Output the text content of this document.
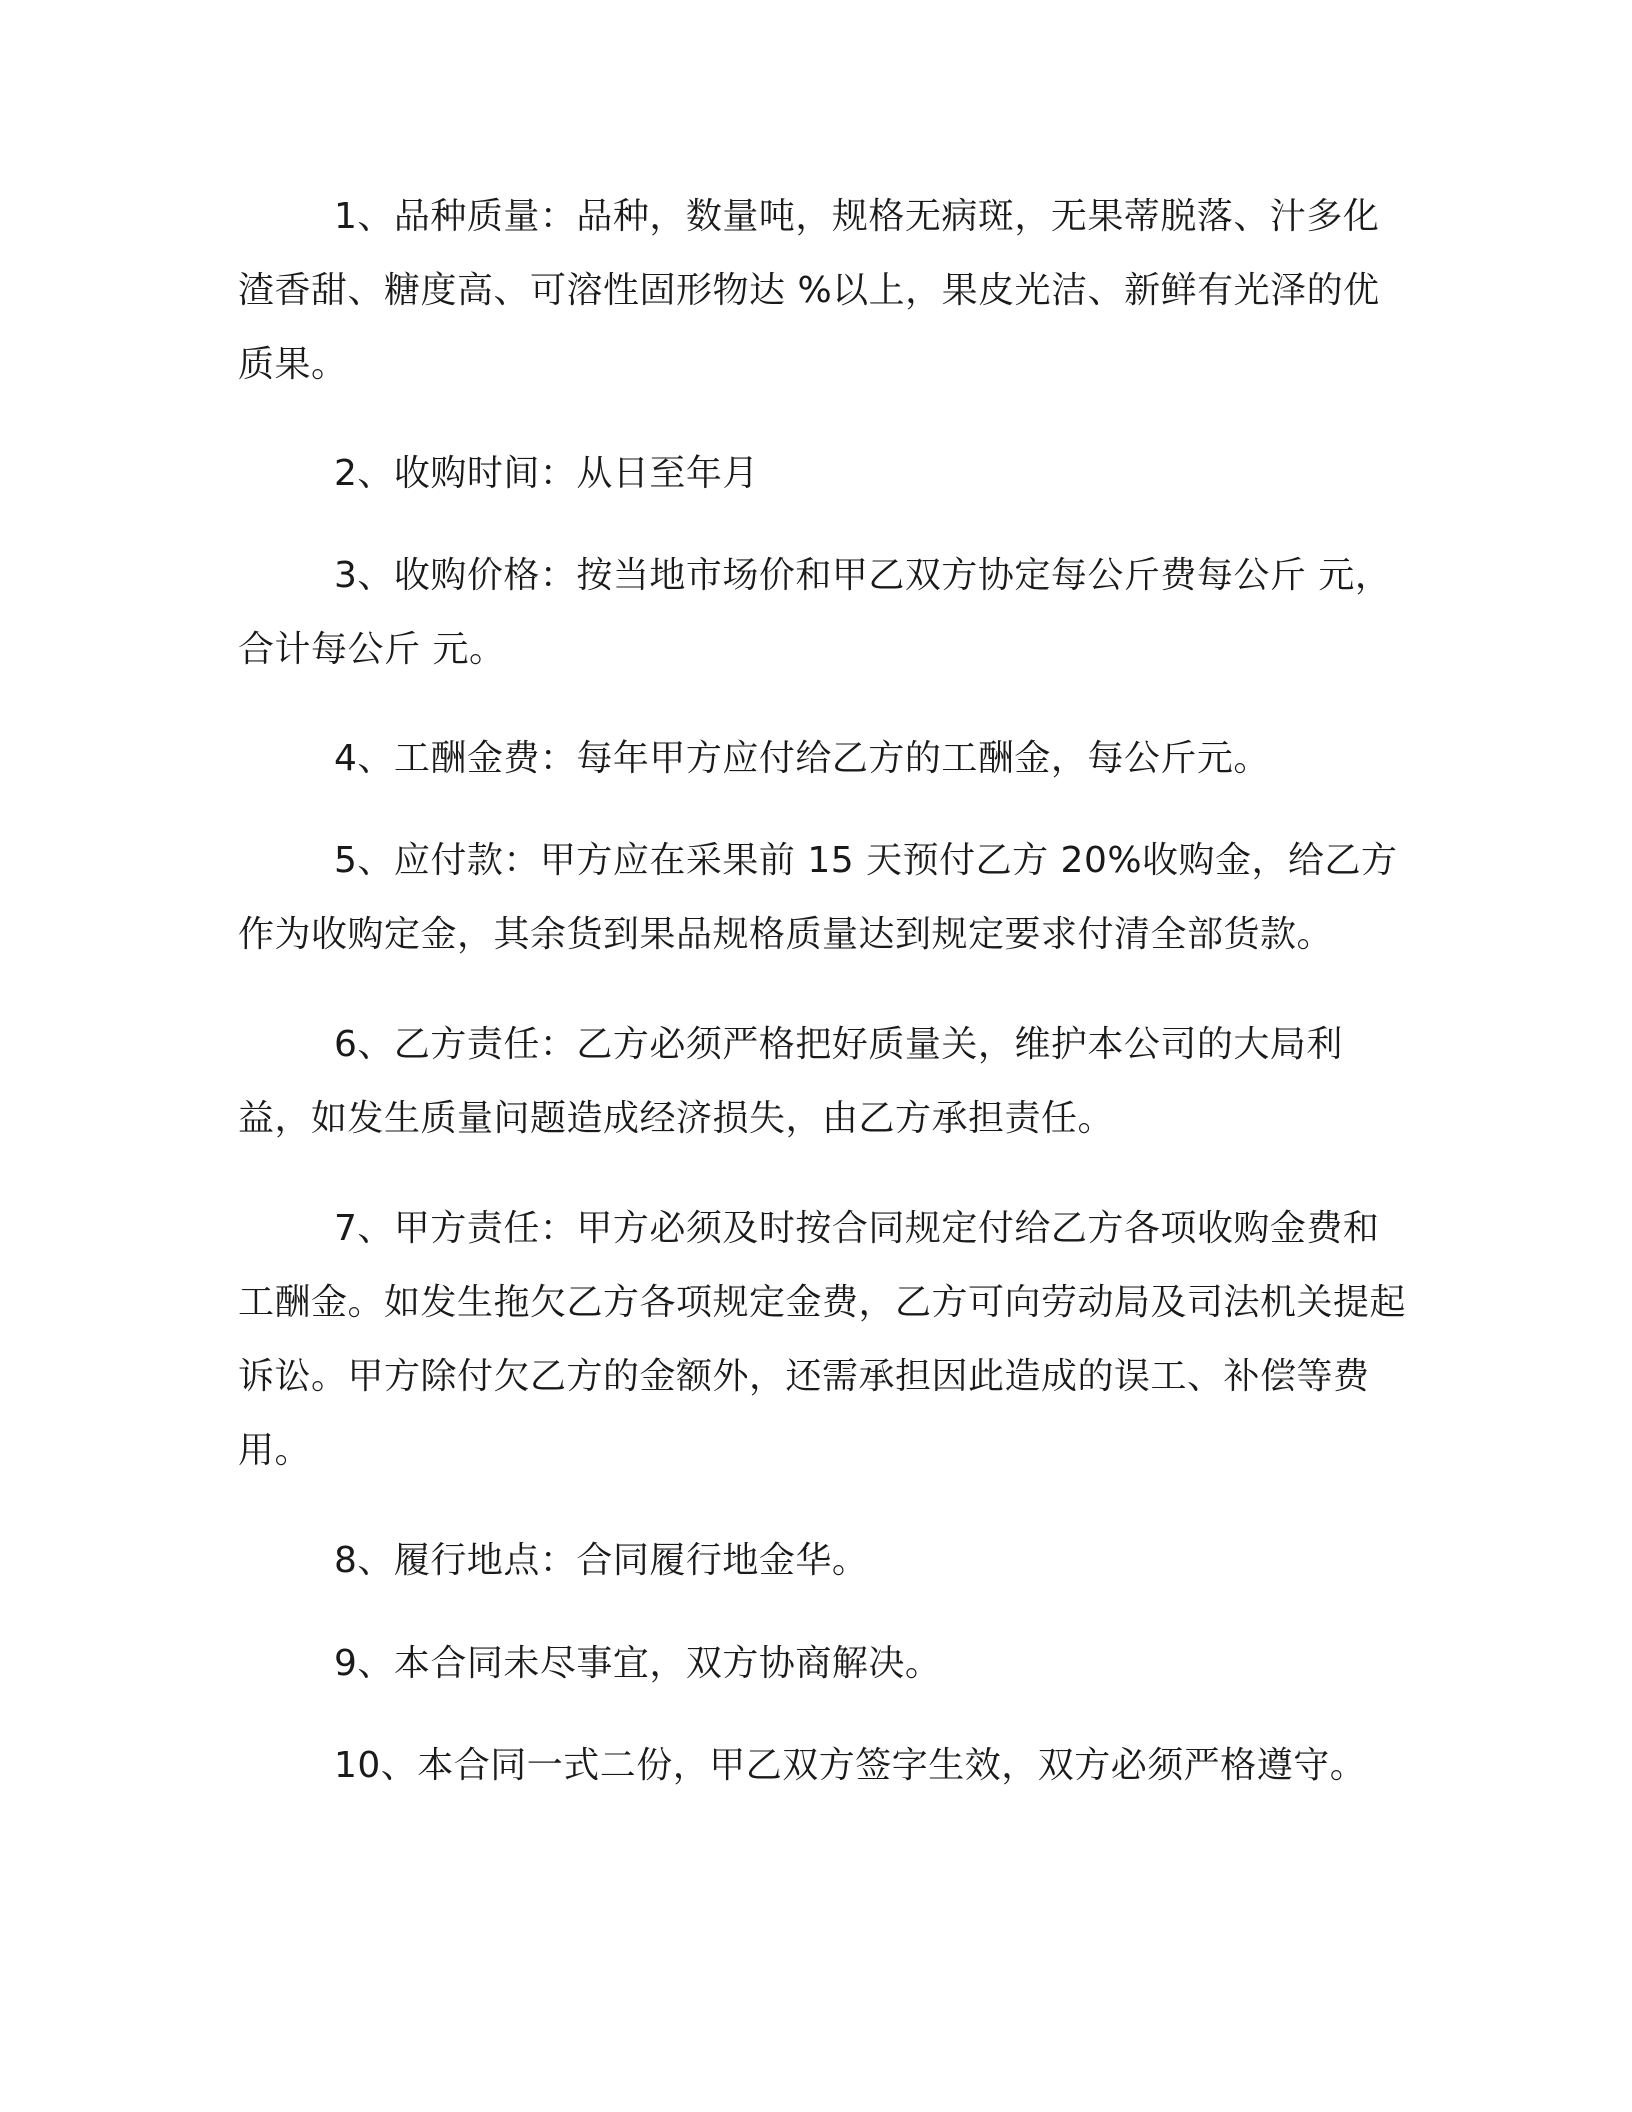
1、品种质量：品种，数量吨，规格无病斑，无果蒂脱落、汁多化渣香甜、糖度高、可溶性固形物达 %以上，果皮光洁、新鲜有光泽的优质果。

2、收购时间：从日至年月

3、收购价格：按当地市场价和甲乙双方协定每公斤费每公斤 元，合计每公斤 元。

4、工酬金费：每年甲方应付给乙方的工酬金，每公斤元。

5、应付款：甲方应在采果前 15 天预付乙方 20%收购金，给乙方作为收购定金，其余货到果品规格质量达到规定要求付清全部货款。

6、乙方责任：乙方必须严格把好质量关，维护本公司的大局利益，如发生质量问题造成经济损失，由乙方承担责任。

7、甲方责任：甲方必须及时按合同规定付给乙方各项收购金费和工酬金。如发生拖欠乙方各项规定金费，乙方可向劳动局及司法机关提起诉讼。甲方除付欠乙方的金额外，还需承担因此造成的误工、补偿等费用。

8、履行地点：合同履行地金华。

9、本合同未尽事宜，双方协商解决。

10、本合同一式二份，甲乙双方签字生效，双方必须严格遵守。
